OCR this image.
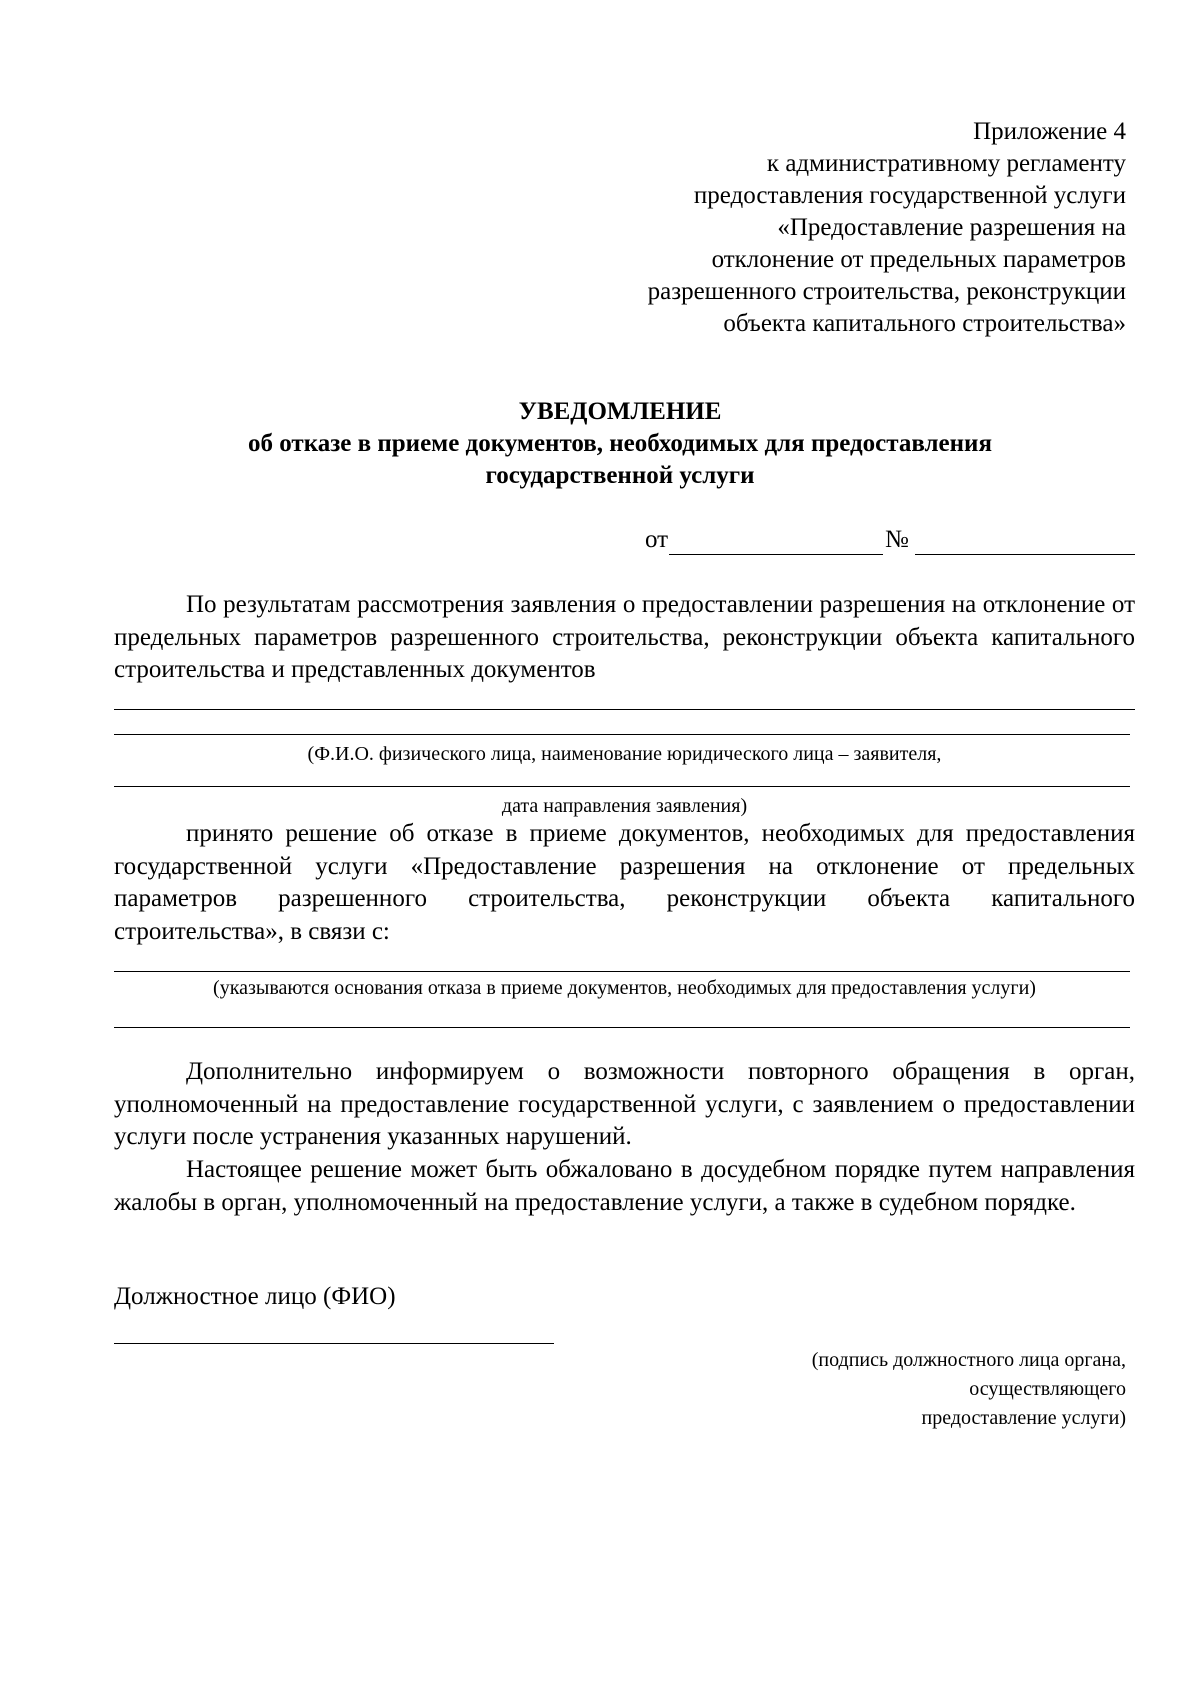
Приложение 4
к административному регламенту
предоставления государственной услуги
«Предоставление разрешения на
отклонение от предельных параметров
разрешенного строительства, реконструкции
объекта капитального строительства»
УВЕДОМЛЕНИЕ
об отказе в приеме документов, необходимых для предоставления
государственной услуги
от	№
По результатам рассмотрения заявления о предоставлении разрешения на отклонение от предельных параметров разрешенного строительства, реконструкции объекта капитального строительства и представленных документов
(Ф.И.О. физического лица, наименование юридического лица – заявителя,
дата направления заявления)
принято решение об отказе в приеме документов, необходимых для предоставления государственной услуги «Предоставление разрешения на отклонение от предельных параметров разрешенного строительства, реконструкции объекта капитального строительства», в связи с:
(указываются основания отказа в приеме документов, необходимых для предоставления услуги)
Дополнительно информируем о возможности повторного обращения в орган, уполномоченный на предоставление государственной услуги, с заявлением о предоставлении услуги после устранения указанных нарушений.
Настоящее решение может быть обжаловано в досудебном порядке путем направления жалобы в орган, уполномоченный на предоставление услуги, а также в судебном порядке.
Должностное лицо (ФИО)
(подпись должностного лица органа,
осуществляющего
предоставление услуги)
